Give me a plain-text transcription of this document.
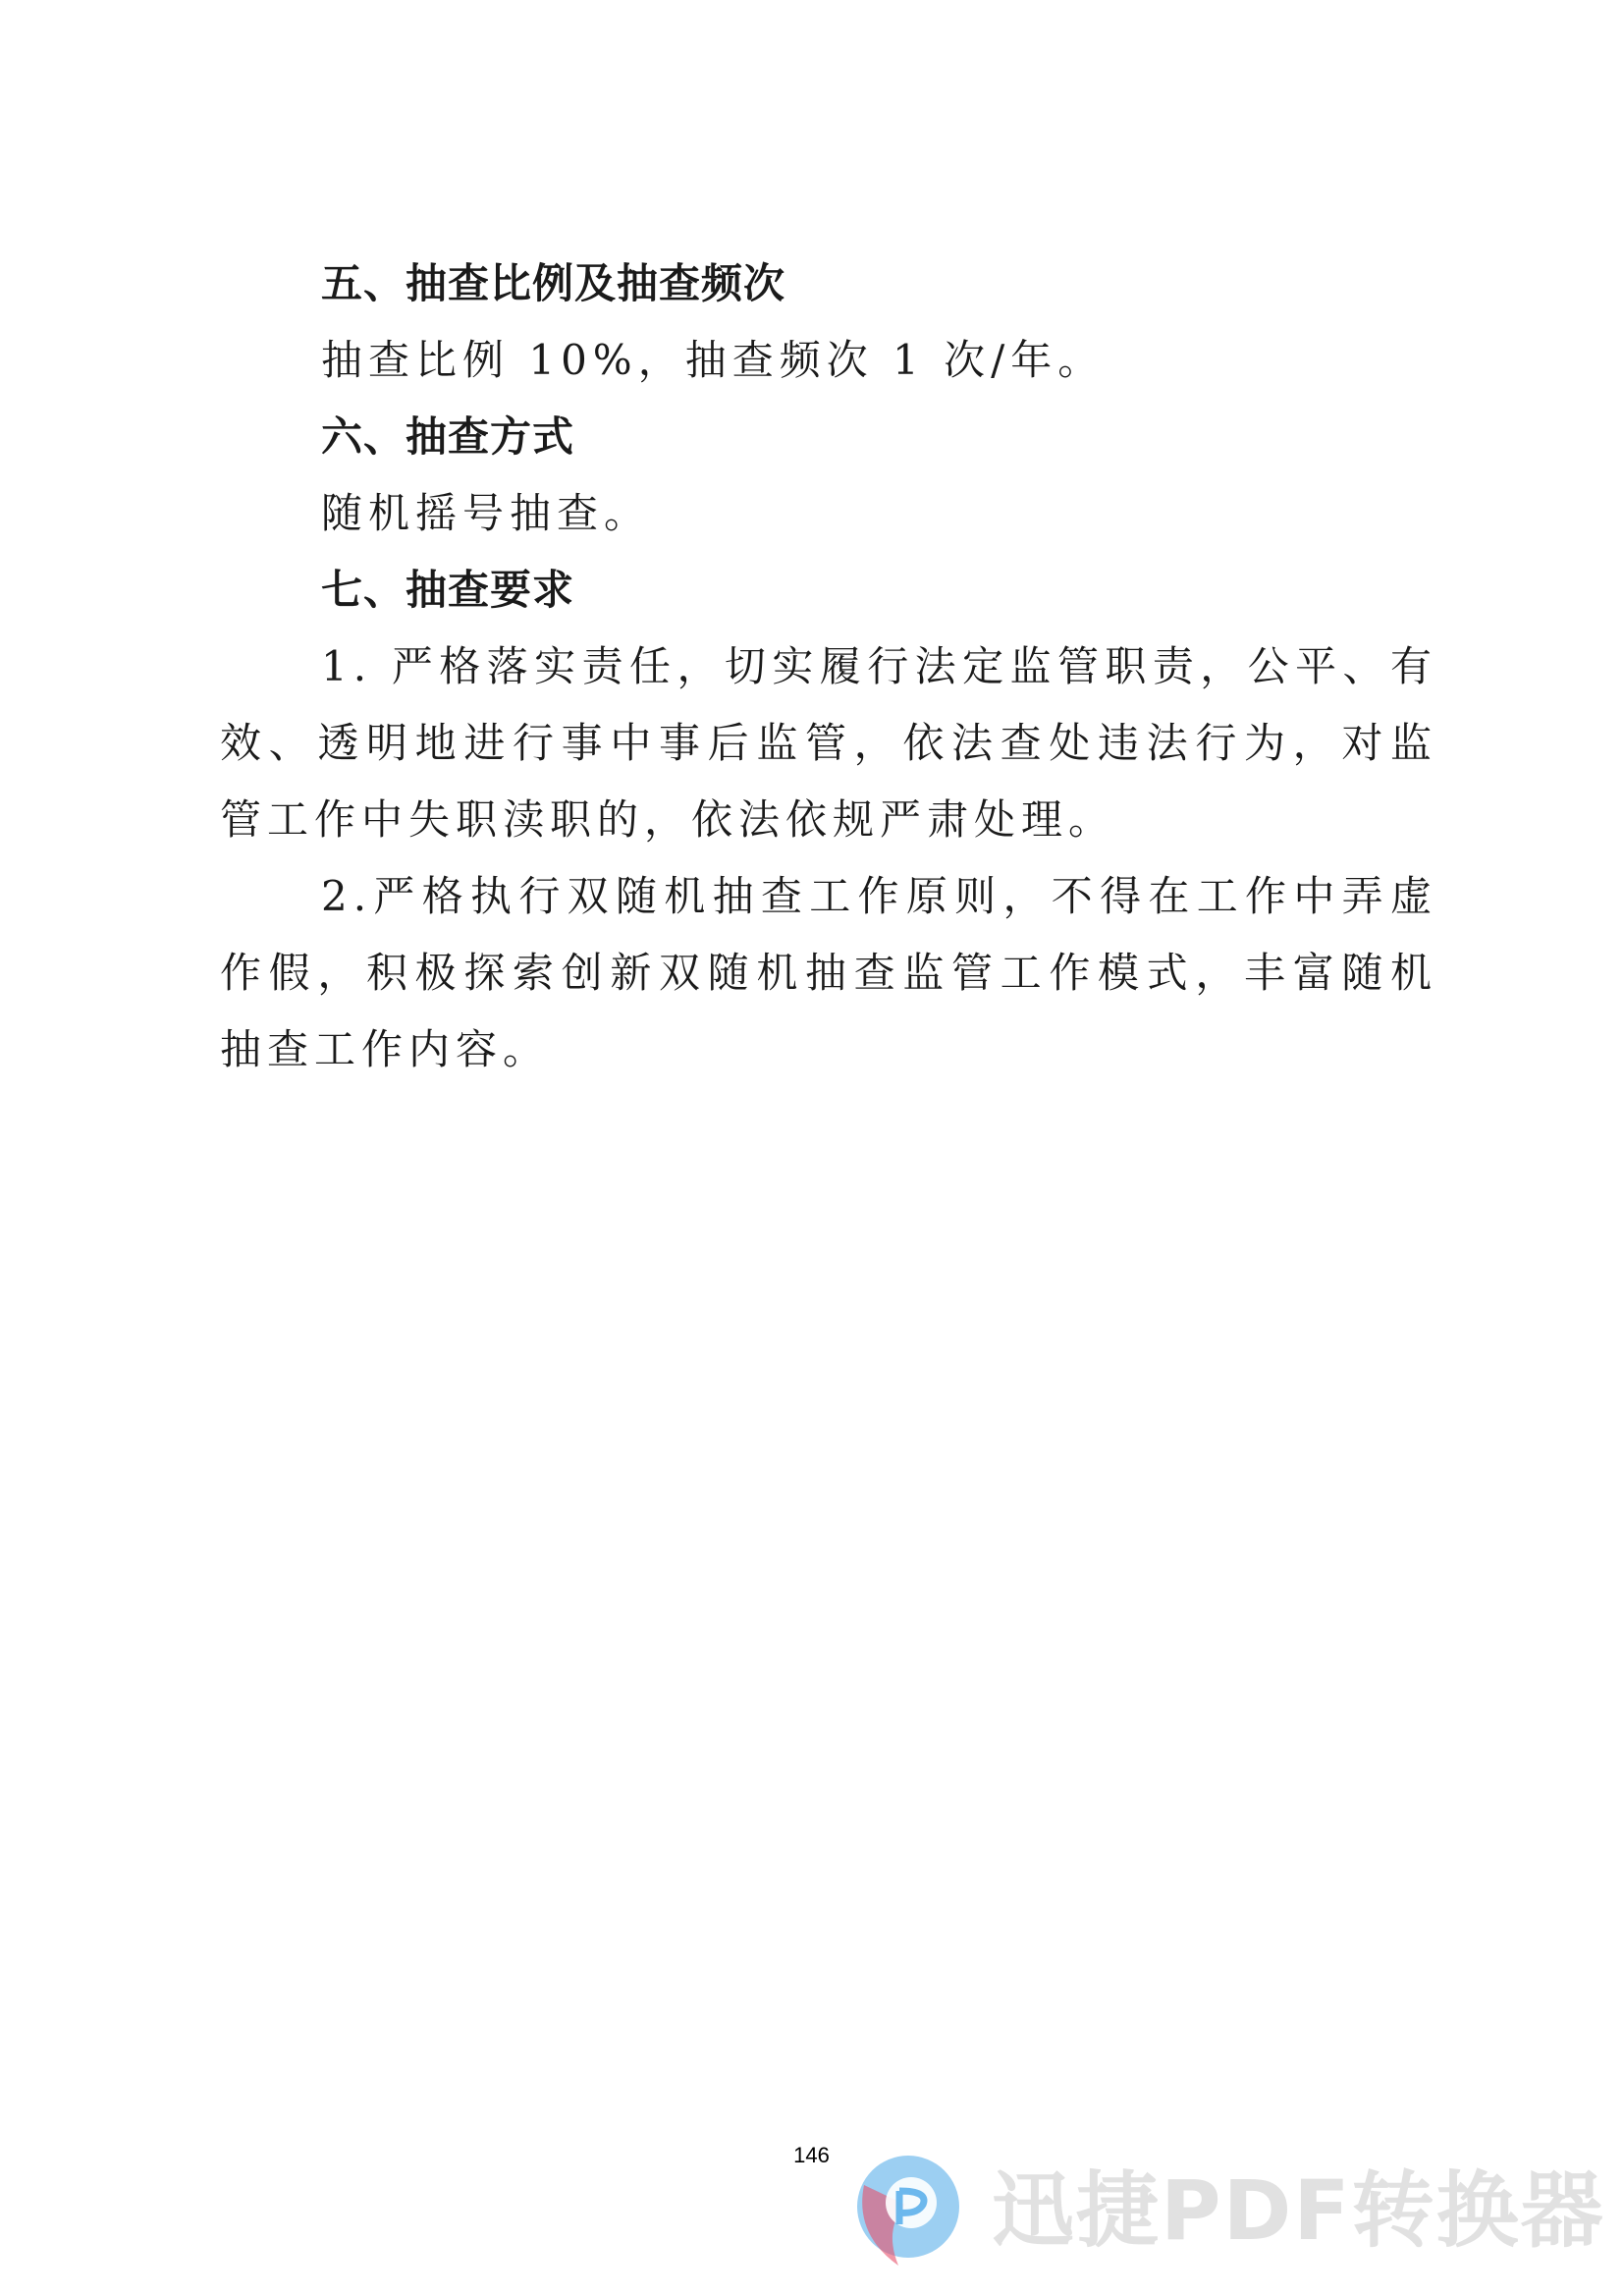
五、抽查比例及抽查频次

抽查比例 10%，抽查频次 1 次/年。

六、抽查方式

随机摇号抽查。

七、抽查要求

1. 严格落实责任，切实履行法定监管职责，公平、有效、透明地进行事中事后监管，依法查处违法行为，对监管工作中失职渎职的，依法依规严肃处理。

2.严格执行双随机抽查工作原则，不得在工作中弄虚作假，积极探索创新双随机抽查监管工作模式，丰富随机抽查工作内容。

146
迅捷PDF转换器
